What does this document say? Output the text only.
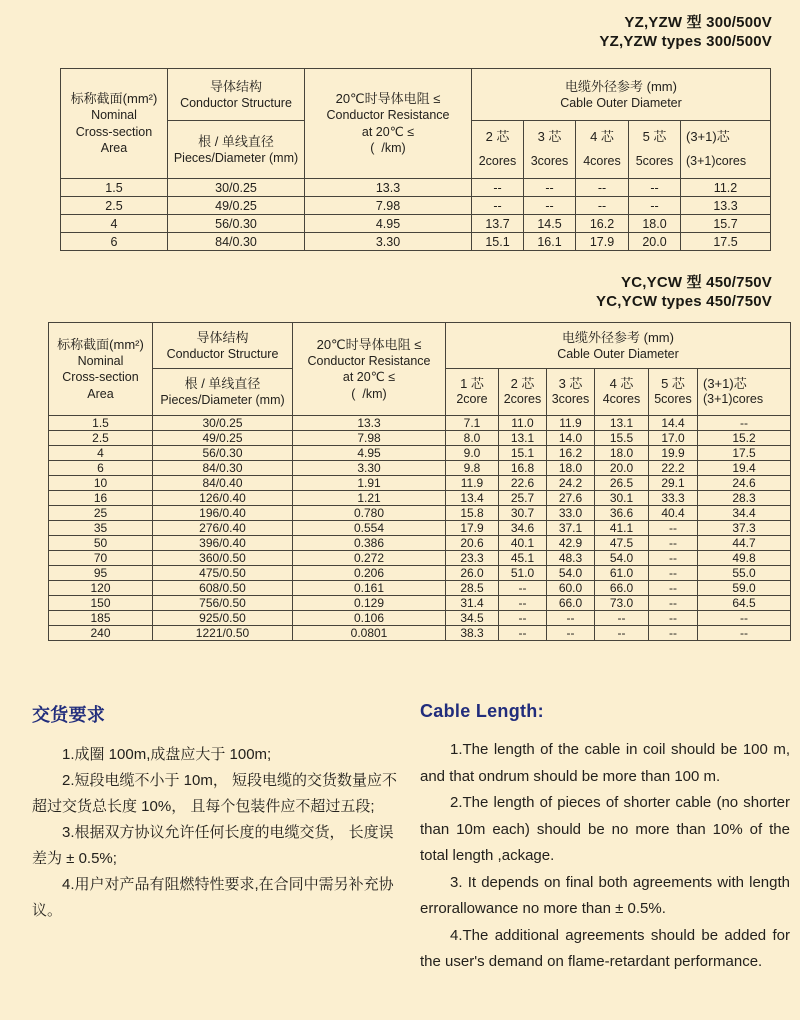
YZ,YZW 型 300/500V
YZ,YZW types 300/500V
标称截面(mm²)
Nominal
Cross-section
Area

导体结构
Conductor Structure	20℃时导体电阻 ≤
Conductor Resistance
at 20℃ ≤
(  /km)

电缆外径参考 (mm)
Cable Outer Diameter

根 / 单线直径
Pieces/Diameter (mm)

2 芯
2cores

3 芯
3cores

4 芯
4cores

5 芯
5cores

(3+1)芯
(3+1)cores

1.5	30/0.25	13.3	--	--	--	--	11.2
2.5	49/0.25	7.98	--	--	--	--	13.3
4	56/0.30	4.95	13.7	14.5	16.2	18.0	15.7
6	84/0.30	3.30	15.1	16.1	17.9	20.0	17.5
YC,YCW 型 450/750V
YC,YCW types 450/750V
标称截面(mm²)
Nominal
Cross-section
Area

导体结构
Conductor Structure

20℃时导体电阻 ≤
Conductor Resistance
at 20℃ ≤
(  /km)

电缆外径参考 (mm)
Cable Outer Diameter

根 / 单线直径
Pieces/Diameter (mm)

1 芯
2core

2 芯
2cores

3 芯
3cores

4 芯
4cores

5 芯
5cores

(3+1)芯
(3+1)cores

1.5	30/0.25	13.3	7.1	11.0	11.9	13.1	14.4	--
2.5	49/0.25	7.98	8.0	13.1	14.0	15.5	17.0	15.2
4	56/0.30	4.95	9.0	15.1	16.2	18.0	19.9	17.5
6	84/0.30	3.30	9.8	16.8	18.0	20.0	22.2	19.4
10	84/0.40	1.91	11.9	22.6	24.2	26.5	29.1	24.6
16	126/0.40	1.21	13.4	25.7	27.6	30.1	33.3	28.3
25	196/0.40	0.780	15.8	30.7	33.0	36.6	40.4	34.4
35	276/0.40	0.554	17.9	34.6	37.1	41.1	--	37.3
50	396/0.40	0.386	20.6	40.1	42.9	47.5	--	44.7
70	360/0.50	0.272	23.3	45.1	48.3	54.0	--	49.8
95	475/0.50	0.206	26.0	51.0	54.0	61.0	--	55.0
120	608/0.50	0.161	28.5	--	60.0	66.0	--	59.0
150	756/0.50	0.129	31.4	--	66.0	73.0	--	64.5
185	925/0.50	0.106	34.5	--	--	--	--	--
240	1221/0.50	0.0801	38.3	--	--	--	--	--
交货要求

1.成圈 100m,成盘应大于 100m;

2.短段电缆不小于 10m， 短段电缆的交货数量应不超过交货总长度 10%， 且每个包装件应不超过五段;

3.根据双方协议允许任何长度的电缆交货， 长度误差为 ± 0.5%;

4.用户对产品有阻燃特性要求,在合同中需另补充协议。

Cable Length:

1.The length of the cable in coil should be 100 m, and that ondrum should be more than 100 m.

2.The length of pieces of shorter cable (no shorter than 10m each) should be no more than 10% of the total length ,ackage.

3. It depends on final both agreements with length errorallowance no more than ± 0.5%.

4.The additional agreements should be added for the user's demand on flame-retardant performance.
